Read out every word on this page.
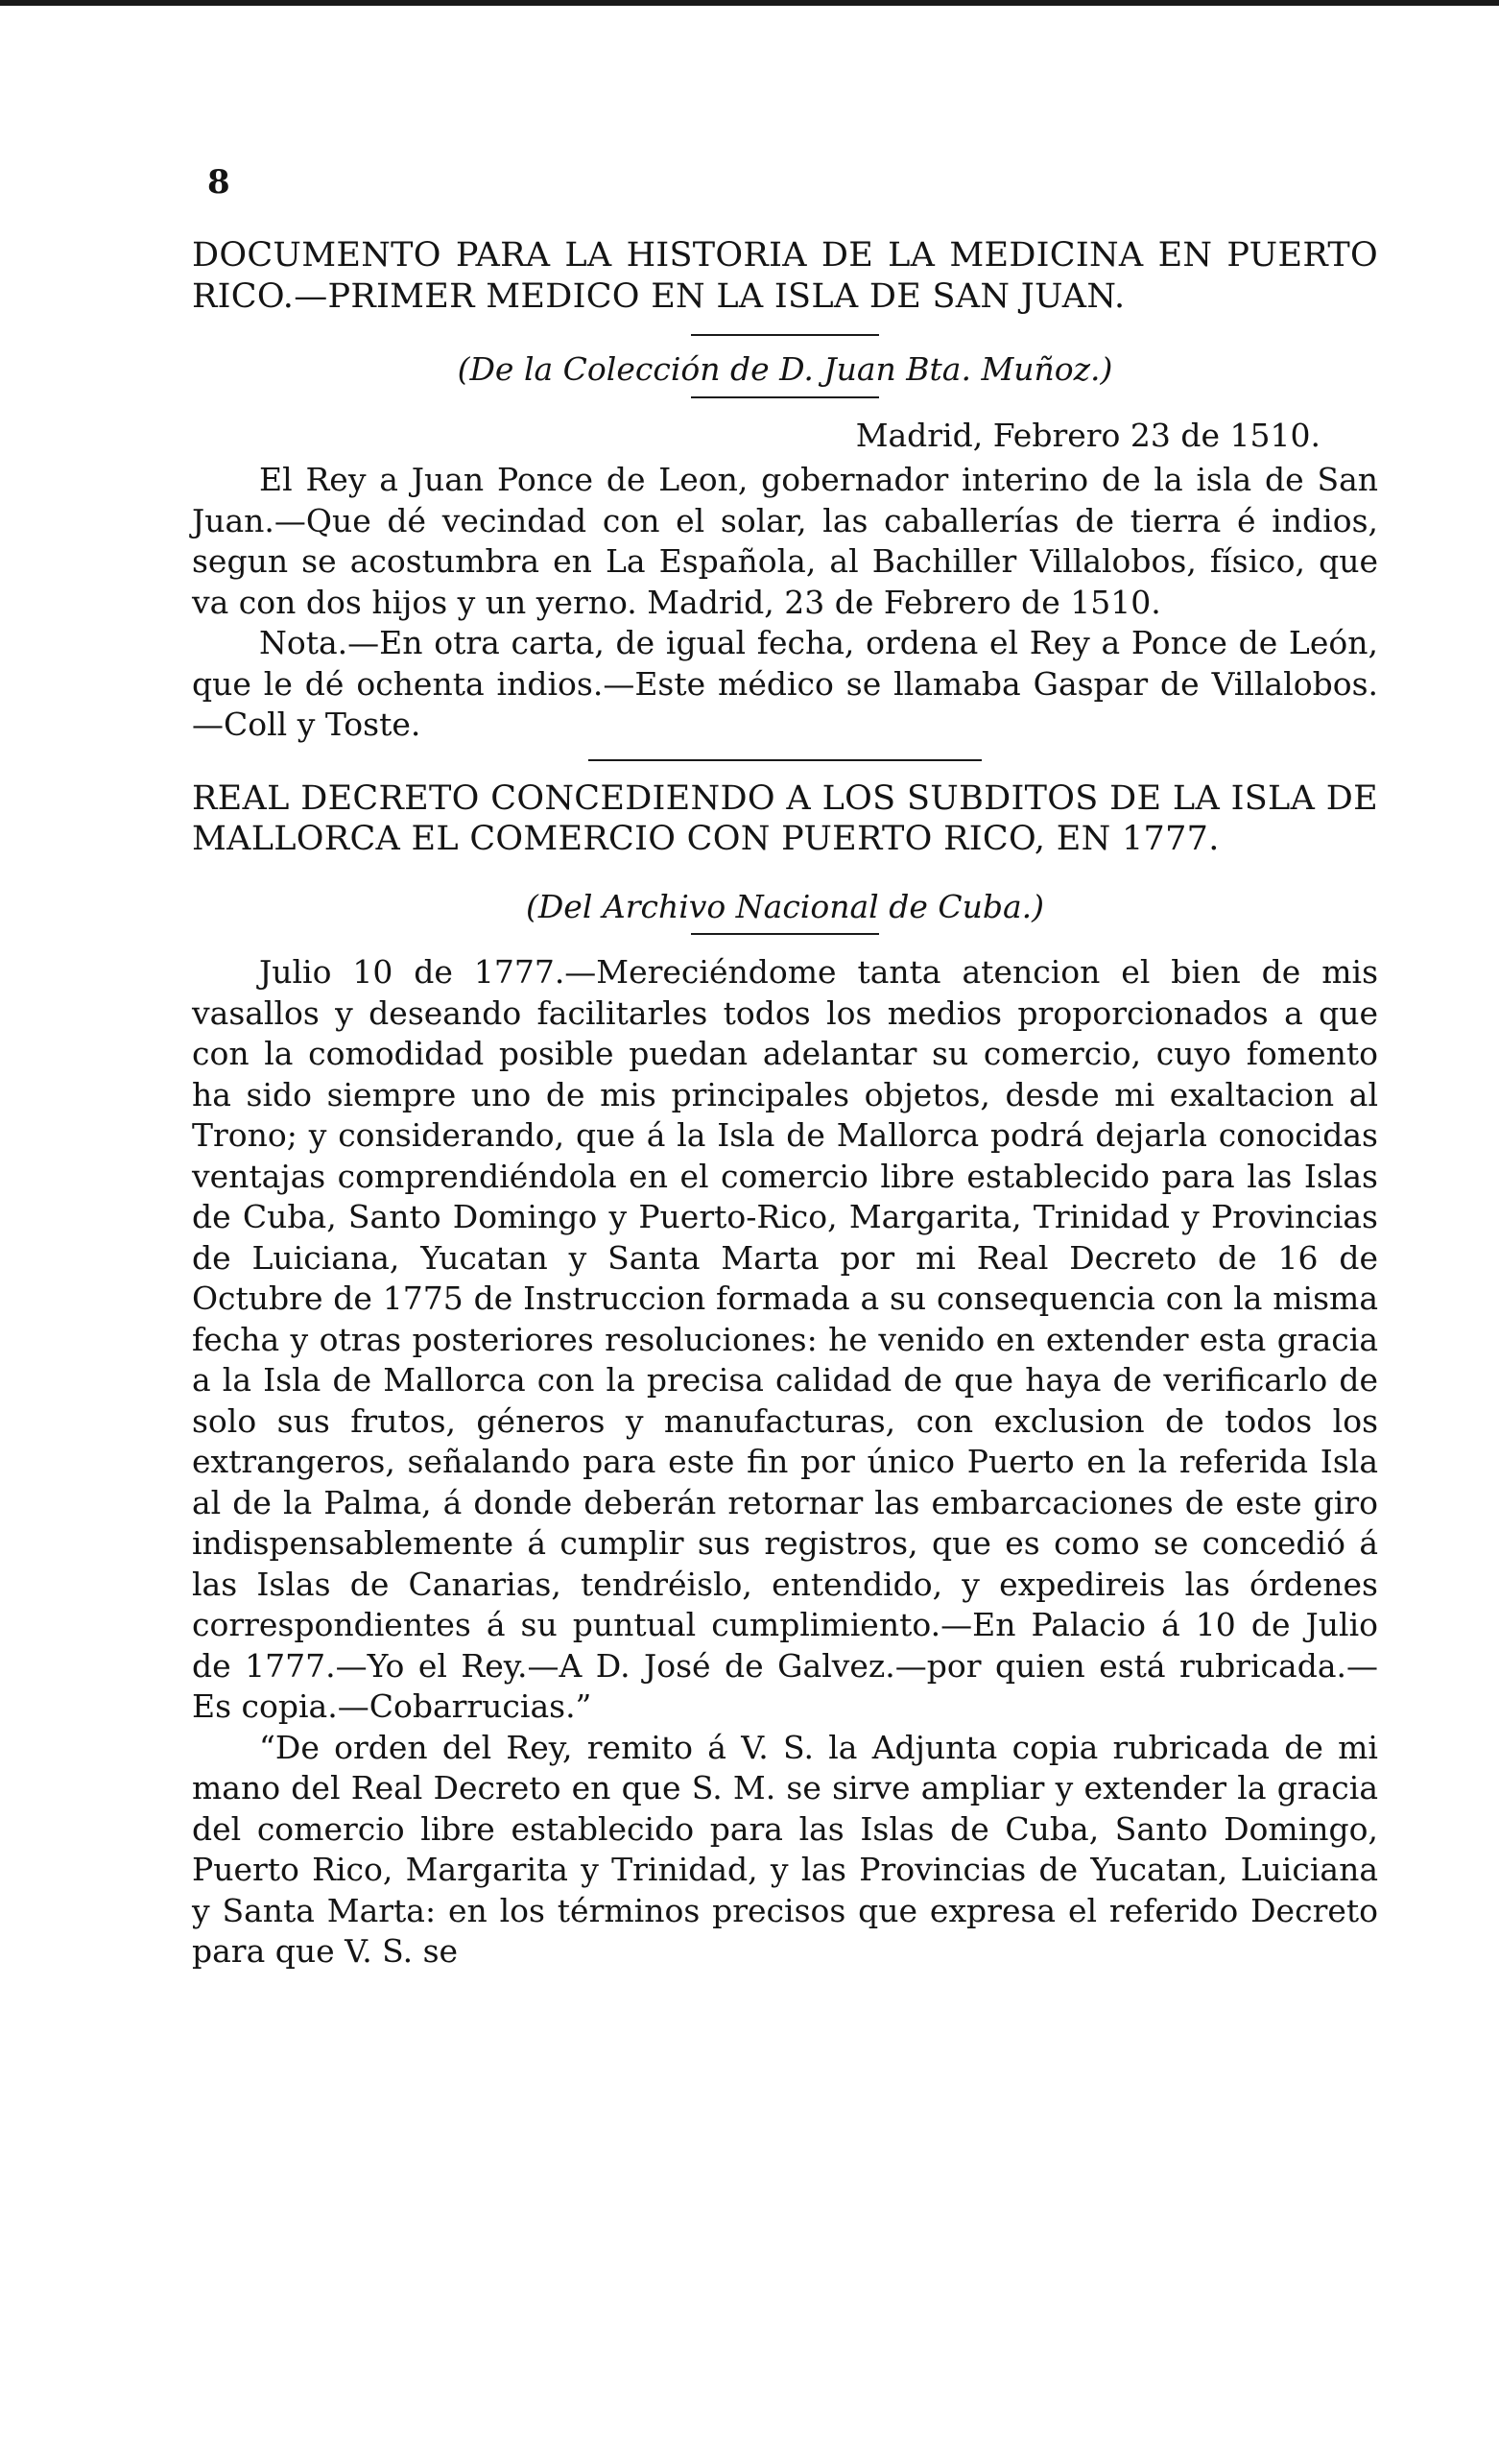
8
DOCUMENTO PARA LA HISTORIA DE LA MEDICINA EN PUERTO RICO.—PRIMER MEDICO EN LA ISLA DE SAN JUAN.

(De la Colección de D. Juan Bta. Muñoz.)

Madrid, Febrero 23 de 1510.

El Rey a Juan Ponce de Leon, gobernador interino de la isla de San Juan.—Que dé vecindad con el solar, las caballerías de tierra é indios, segun se acostumbra en La Española, al Bachiller Villalobos, físico, que va con dos hijos y un yerno. Madrid, 23 de Febrero de 1510.

Nota.—En otra carta, de igual fecha, ordena el Rey a Ponce de León, que le dé ochenta indios.—Este médico se llamaba Gaspar de Villalobos.—Coll y Toste.

REAL DECRETO CONCEDIENDO A LOS SUBDITOS DE LA ISLA DE MALLORCA EL COMERCIO CON PUERTO RICO, EN 1777.

(Del Archivo Nacional de Cuba.)

Julio 10 de 1777.—Mereciéndome tanta atencion el bien de mis vasallos y deseando facilitarles todos los medios proporcionados a que con la comodidad posible puedan adelantar su comercio, cuyo fomento ha sido siempre uno de mis principales objetos, desde mi exaltacion al Trono; y considerando, que á la Isla de Mallorca podrá dejarla conocidas ventajas comprendiéndola en el comercio libre establecido para las Islas de Cuba, Santo Domingo y Puerto-Rico, Margarita, Trinidad y Provincias de Luiciana, Yucatan y Santa Marta por mi Real Decreto de 16 de Octubre de 1775 de Instruccion formada a su consequencia con la misma fecha y otras posteriores resoluciones: he venido en extender esta gracia a la Isla de Mallorca con la precisa calidad de que haya de verificarlo de solo sus frutos, géneros y manufacturas, con exclusion de todos los extrangeros, señalando para este fin por único Puerto en la referida Isla al de la Palma, á donde deberán retornar las embarcaciones de este giro indispensablemente á cumplir sus registros, que es como se concedió á las Islas de Canarias, tendréislo, entendido, y expedireis las órdenes correspondientes á su puntual cumplimiento.—En Palacio á 10 de Julio de 1777.—Yo el Rey.—A D. José de Galvez.—por quien está rubricada.—Es copia.—Cobarrucias.”

“De orden del Rey, remito á V. S. la Adjunta copia rubricada de mi mano del Real Decreto en que S. M. se sirve ampliar y extender la gracia del comercio libre establecido para las Islas de Cuba, Santo Domingo, Puerto Rico, Margarita y Trinidad, y las Provincias de Yucatan, Luiciana y Santa Marta: en los términos precisos que expresa el referido Decreto para que V. S. se
